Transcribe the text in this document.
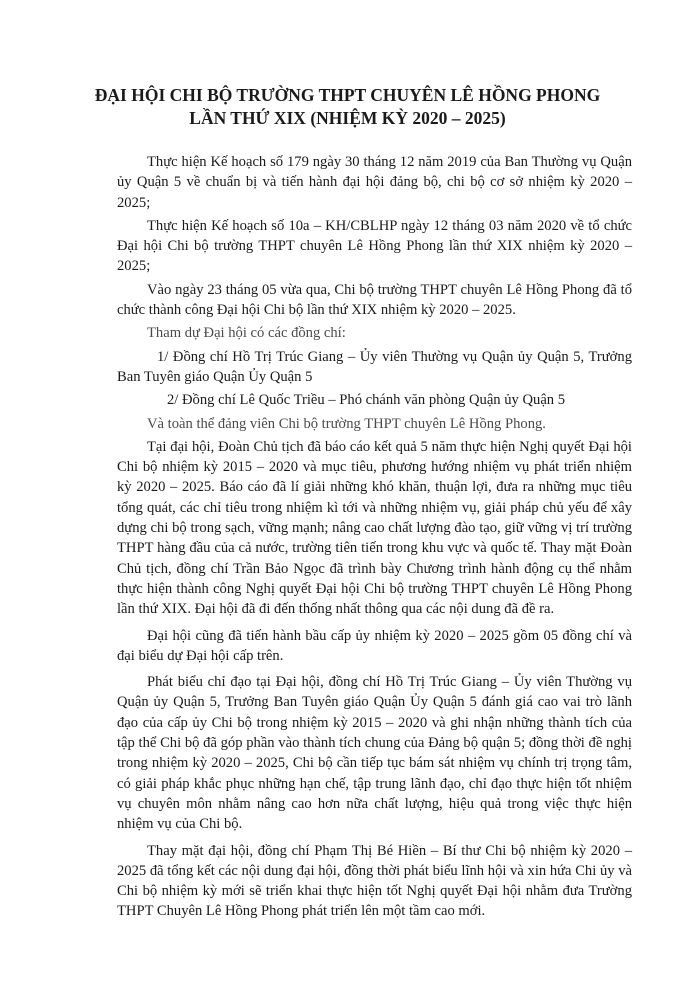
ĐẠI HỘI CHI BỘ TRƯỜNG THPT CHUYÊN LÊ HỒNG PHONG
LẦN THỨ XIX (NHIỆM KỲ 2020 – 2025)

Thực hiện Kế hoạch số 179 ngày 30 tháng 12 năm 2019 của Ban Thường vụ Quận ủy Quận 5 về chuẩn bị và tiến hành đại hội đảng bộ, chi bộ cơ sở nhiệm kỳ 2020 – 2025;

Thực hiện Kế hoạch số 10a – KH/CBLHP ngày 12 tháng 03 năm 2020 về tổ chức Đại hội Chi bộ trường THPT chuyên Lê Hồng Phong lần thứ XIX nhiệm kỳ 2020 – 2025;

Vào ngày 23 tháng 05 vừa qua, Chi bộ trường THPT chuyên Lê Hồng Phong đã tổ chức thành công Đại hội Chi bộ lần thứ XIX nhiệm kỳ 2020 – 2025.

Tham dự Đại hội có các đồng chí:

1/ Đồng chí Hồ Trị Trúc Giang – Ủy viên Thường vụ Quận ủy Quận 5, Trưởng Ban Tuyên giáo Quận Ủy Quận 5

2/ Đồng chí Lê Quốc Triều – Phó chánh văn phòng Quận ủy Quận 5

Và toàn thể đảng viên Chi bộ trường THPT chuyên Lê Hồng Phong.

Tại đại hội, Đoàn Chủ tịch đã báo cáo kết quả 5 năm thực hiện Nghị quyết Đại hội Chi bộ nhiệm kỳ 2015 – 2020 và mục tiêu, phương hướng nhiệm vụ phát triển nhiệm kỳ 2020 – 2025. Báo cáo đã lí giải những khó khăn, thuận lợi, đưa ra những mục tiêu tổng quát, các chỉ tiêu trong nhiệm kì tới và những nhiệm vụ, giải pháp chủ yếu để xây dựng chi bộ trong sạch, vững mạnh; nâng cao chất lượng đào tạo, giữ vững vị trí trường THPT hàng đầu của cả nước, trường tiên tiến trong khu vực và quốc tế. Thay mặt Đoàn Chủ tịch, đồng chí Trần Bảo Ngọc đã trình bày Chương trình hành động cụ thể nhằm thực hiện thành công Nghị quyết Đại hội Chi bộ trường THPT chuyên Lê Hồng Phong lần thứ XIX. Đại hội đã đi đến thống nhất thông qua các nội dung đã đề ra.

Đại hội cũng đã tiến hành bầu cấp ủy nhiệm kỳ 2020 – 2025 gồm 05 đồng chí và đại biểu dự Đại hội cấp trên.

Phát biểu chỉ đạo tại Đại hội, đồng chí Hồ Trị Trúc Giang – Ủy viên Thường vụ Quận ủy Quận 5, Trưởng Ban Tuyên giáo Quận Ủy Quận 5 đánh giá cao vai trò lãnh đạo của cấp ủy Chi bộ trong nhiệm kỳ 2015 – 2020 và ghi nhận những thành tích của tập thể Chi bộ đã góp phần vào thành tích chung của Đảng bộ quận 5; đồng thời đề nghị trong nhiệm kỳ 2020 – 2025, Chi bộ cần tiếp tục bám sát nhiệm vụ chính trị trọng tâm, có giải pháp khắc phục những hạn chế, tập trung lãnh đạo, chỉ đạo thực hiện tốt nhiệm vụ chuyên môn nhằm nâng cao hơn nữa chất lượng, hiệu quả trong việc thực hiện nhiệm vụ của Chi bộ.

Thay mặt đại hội, đồng chí Phạm Thị Bé Hiền – Bí thư Chi bộ nhiệm kỳ 2020 – 2025 đã tổng kết các nội dung đại hội, đồng thời phát biểu lĩnh hội và xin hứa Chi ủy và Chi bộ nhiệm kỳ mới sẽ triển khai thực hiện tốt Nghị quyết Đại hội nhằm đưa Trường THPT Chuyên Lê Hồng Phong phát triển lên một tầm cao mới.
